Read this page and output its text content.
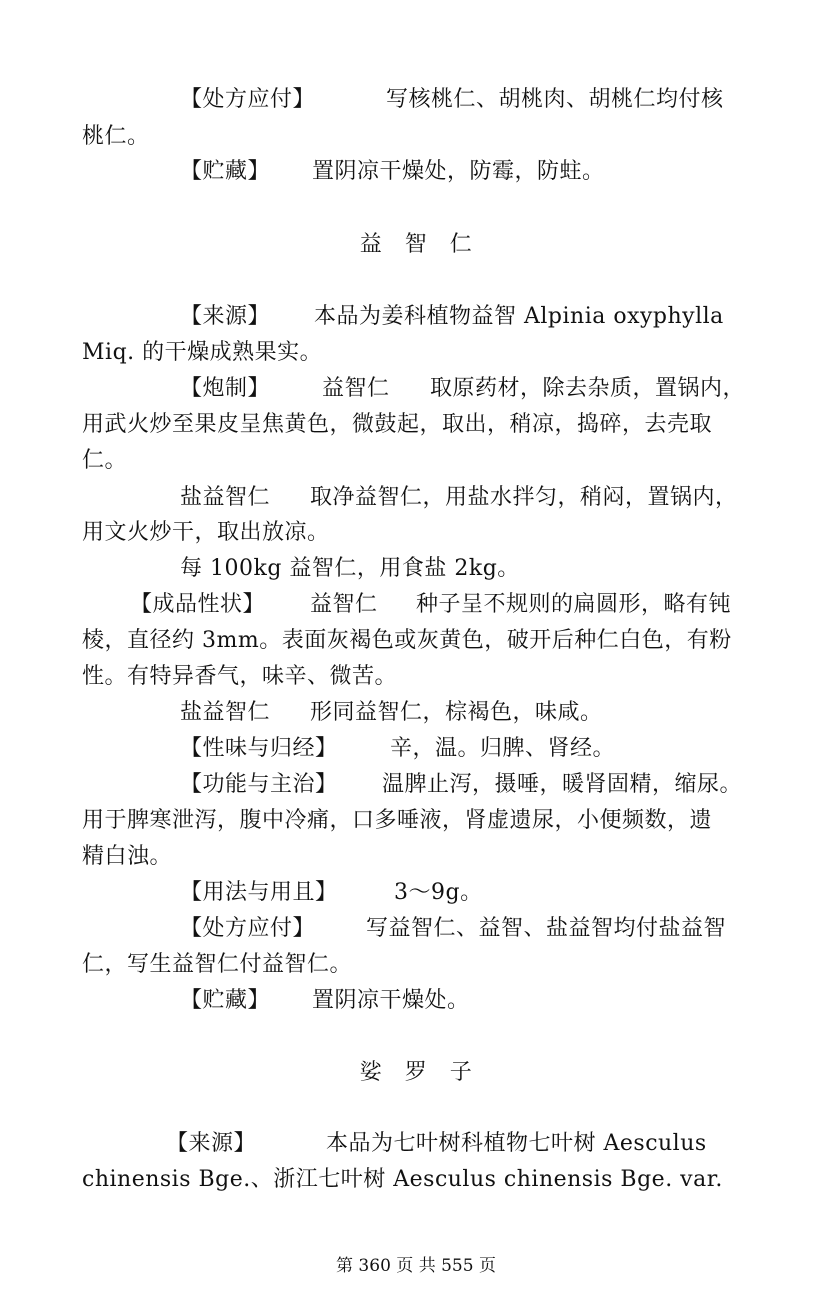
【处方应付】	写核桃仁、胡桃肉、胡桃仁均付核
桃仁。
【贮藏】 置阴凉干燥处，防霉，防蛀。
益　智　仁
【来源】 本品为姜科植物益智 Alpinia oxyphylla
Miq. 的干燥成熟果实。
【炮制】 益智仁 取原药材，除去杂质，置锅内，
用武火炒至果皮呈焦黄色，微鼓起，取出，稍凉，捣碎，去壳取
仁。
盐益智仁 取净益智仁，用盐水拌匀，稍闷，置锅内，
用文火炒干，取出放凉。
每 100kg 益智仁，用食盐 2kg。
【成品性状】 益智仁 种子呈不规则的扁圆形，略有钝
棱，直径约 3mm。表面灰褐色或灰黄色，破开后种仁白色，有粉
性。有特异香气，味辛、微苦。
盐益智仁 形同益智仁，棕褐色，味咸。
【性味与归经】 辛，温。归脾、肾经。
【功能与主治】 温脾止泻，摄唾，暖肾固精，缩尿。
用于脾寒泄泻，腹中冷痛，口多唾液，肾虚遗尿，小便频数，遗
精白浊。
【用法与用且】	3～9g。
【处方应付】 写益智仁、益智、盐益智均付盐益智
仁，写生益智仁付益智仁。
【贮藏】 置阴凉干燥处。
娑　罗　子
【来源】	本品为七叶树科植物七叶树 Aesculus
chinensis Bge.、浙江七叶树 Aesculus chinensis Bge. var.
第 360 页 共 555 页
